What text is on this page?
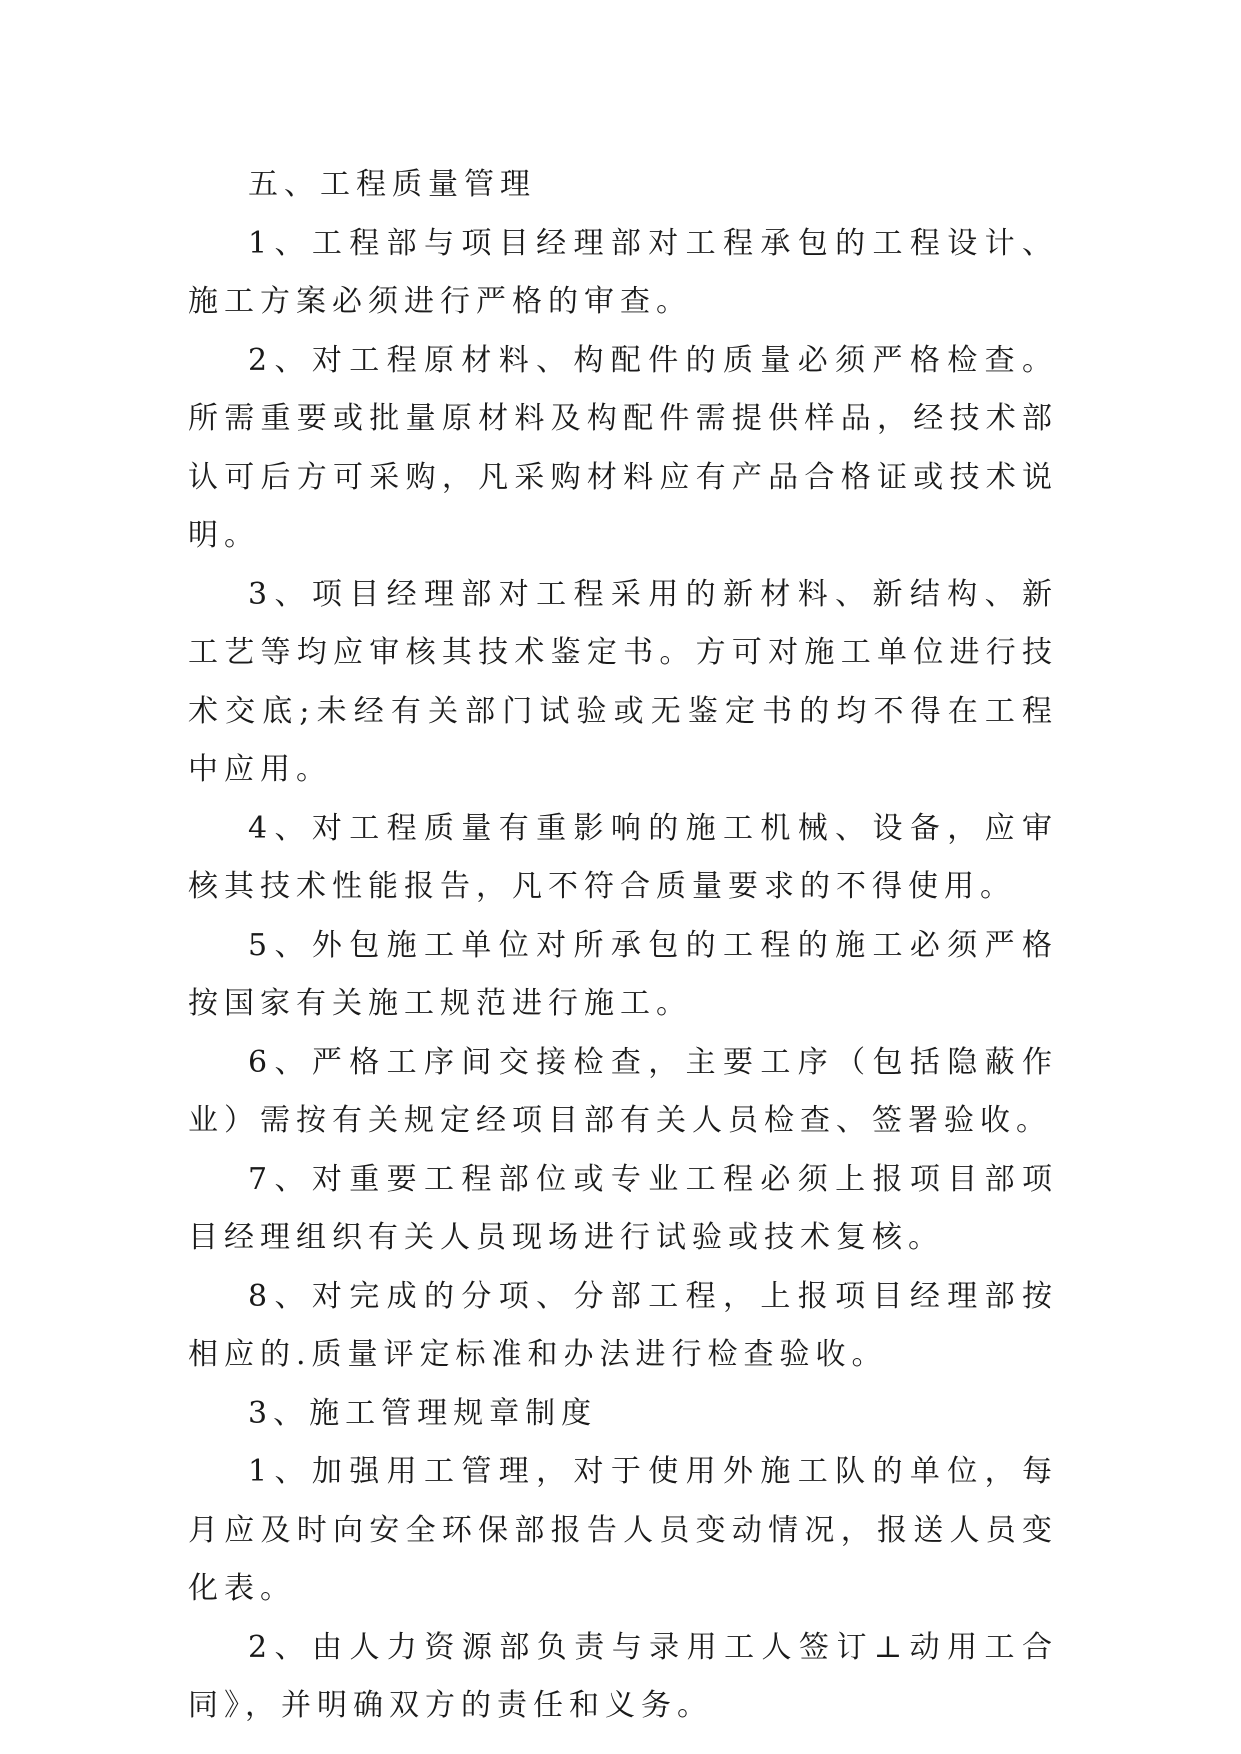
五、工程质量管理

1、工程部与项目经理部对工程承包的工程设计、施工方案必须进行严格的审查。

2、对工程原材料、构配件的质量必须严格检查。所需重要或批量原材料及构配件需提供样品，经技术部认可后方可采购，凡采购材料应有产品合格证或技术说明。

3、项目经理部对工程采用的新材料、新结构、新工艺等均应审核其技术鉴定书。方可对施工单位进行技术交底;未经有关部门试验或无鉴定书的均不得在工程中应用。

4、对工程质量有重影响的施工机械、设备，应审核其技术性能报告，凡不符合质量要求的不得使用。

5、外包施工单位对所承包的工程的施工必须严格按国家有关施工规范进行施工。

6、严格工序间交接检查，主要工序（包括隐蔽作业）需按有关规定经项目部有关人员检查、签署验收。

7、对重要工程部位或专业工程必须上报项目部项目经理组织有关人员现场进行试验或技术复核。

8、对完成的分项、分部工程，上报项目经理部按相应的.质量评定标准和办法进行检查验收。

3、施工管理规章制度

1、加强用工管理，对于使用外施工队的单位，每月应及时向安全环保部报告人员变动情况，报送人员变化表。

2、由人力资源部负责与录用工人签订⊥动用工合同》，并明确双方的责任和义务。
